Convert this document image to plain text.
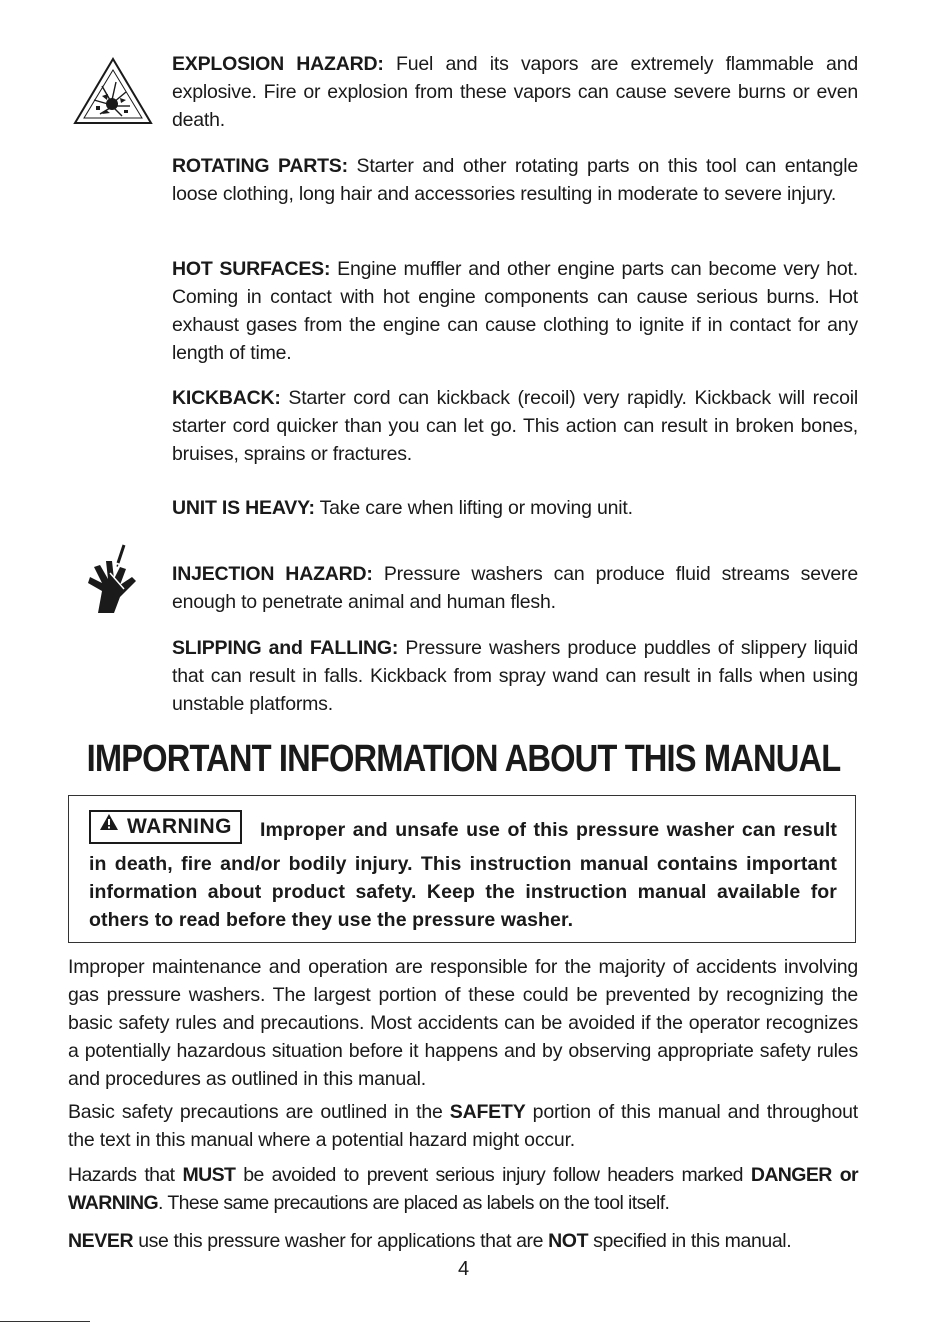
EXPLOSION HAZARD: Fuel and its vapors are extremely flammable and explosive. Fire or explosion from these vapors can cause severe burns or even death.

ROTATING PARTS: Starter and other rotating parts on this tool can entangle loose clothing, long hair and accessories resulting in moderate to severe injury.

HOT SURFACES: Engine muffler and other engine parts can become very hot. Coming in contact with hot engine components can cause serious burns. Hot exhaust gases from the engine can cause clothing to ignite if in contact for any length of time.

KICKBACK: Starter cord can kickback (recoil) very rapidly. Kickback will recoil starter cord quicker than you can let go. This action can result in broken bones, bruises, sprains or fractures.

UNIT IS HEAVY: Take care when lifting or moving unit.

INJECTION HAZARD: Pressure washers can produce fluid streams severe enough to penetrate animal and human flesh.

SLIPPING and FALLING: Pressure washers produce puddles of slippery liquid that can result in falls. Kickback from spray wand can result in falls when using unstable platforms.

IMPORTANT INFORMATION ABOUT THIS MANUAL

WARNING Improper and unsafe use of this pressure washer can result in death, fire and/or bodily injury. This instruction manual contains important information about product safety. Keep the instruction manual available for others to read before they use the pressure washer.

Improper maintenance and operation are responsible for the majority of accidents involving gas pressure washers. The largest portion of these could be prevented by recognizing the basic safety rules and precautions. Most accidents can be avoided if the operator recognizes a potentially hazardous situation before it happens and by observing appropriate safety rules and procedures as outlined in this manual.

Basic safety precautions are outlined in the SAFETY portion of this manual and throughout the text in this manual where a potential hazard might occur.

Hazards that MUST be avoided to prevent serious injury follow headers marked DANGER or WARNING. These same precautions are placed as labels on the tool itself.

NEVER use this pressure washer for applications that are NOT specified in this manual.

4
